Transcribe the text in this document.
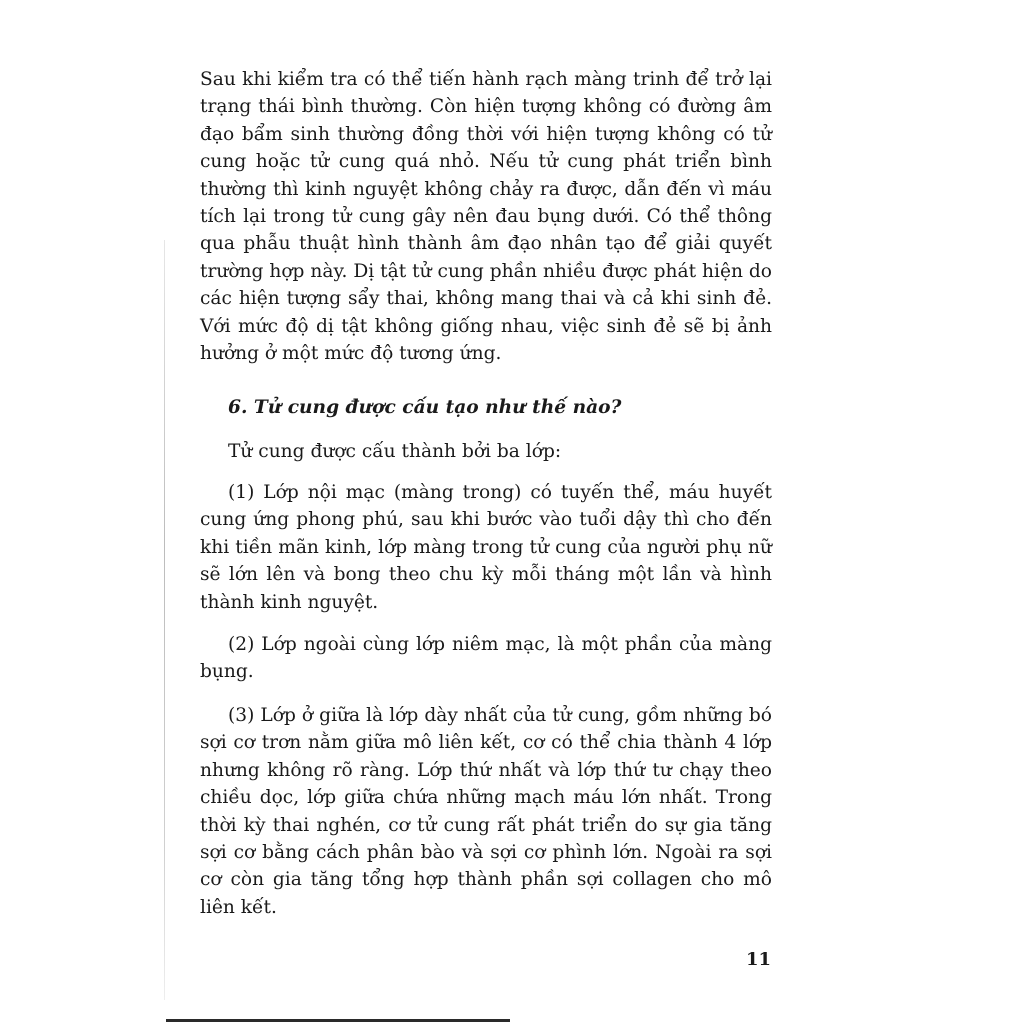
Sau khi kiểm tra có thể tiến hành rạch màng trinh để trở lại trạng thái bình thường. Còn hiện tượng không có đường âm đạo bẩm sinh thường đồng thời với hiện tượng không có tử cung hoặc tử cung quá nhỏ. Nếu tử cung phát triển bình thường thì kinh nguyệt không chảy ra được, dẫn đến vì máu tích lại trong tử cung gây nên đau bụng dưới. Có thể thông qua phẫu thuật hình thành âm đạo nhân tạo để giải quyết trường hợp này. Dị tật tử cung phần nhiều được phát hiện do các hiện tượng sẩy thai, không mang thai và cả khi sinh đẻ. Với mức độ dị tật không giống nhau, việc sinh đẻ sẽ bị ảnh hưởng ở một mức độ tương ứng.

6. Tử cung được cấu tạo như thế nào?

Tử cung được cấu thành bởi ba lớp:

(1) Lớp nội mạc (màng trong) có tuyến thể, máu huyết cung ứng phong phú, sau khi bước vào tuổi dậy thì cho đến khi tiền mãn kinh, lớp màng trong tử cung của người phụ nữ sẽ lớn lên và bong theo chu kỳ mỗi tháng một lần và hình thành kinh nguyệt.

(2) Lớp ngoài cùng lớp niêm mạc, là một phần của màng bụng.

(3) Lớp ở giữa là lớp dày nhất của tử cung, gồm những bó sợi cơ trơn nằm giữa mô liên kết, cơ có thể chia thành 4 lớp nhưng không rõ ràng. Lớp thứ nhất và lớp thứ tư chạy theo chiều dọc, lớp giữa chứa những mạch máu lớn nhất. Trong thời kỳ thai nghén, cơ tử cung rất phát triển do sự gia tăng sợi cơ bằng cách phân bào và sợi cơ phình lớn. Ngoài ra sợi cơ còn gia tăng tổng hợp thành phần sợi collagen cho mô liên kết.

11
